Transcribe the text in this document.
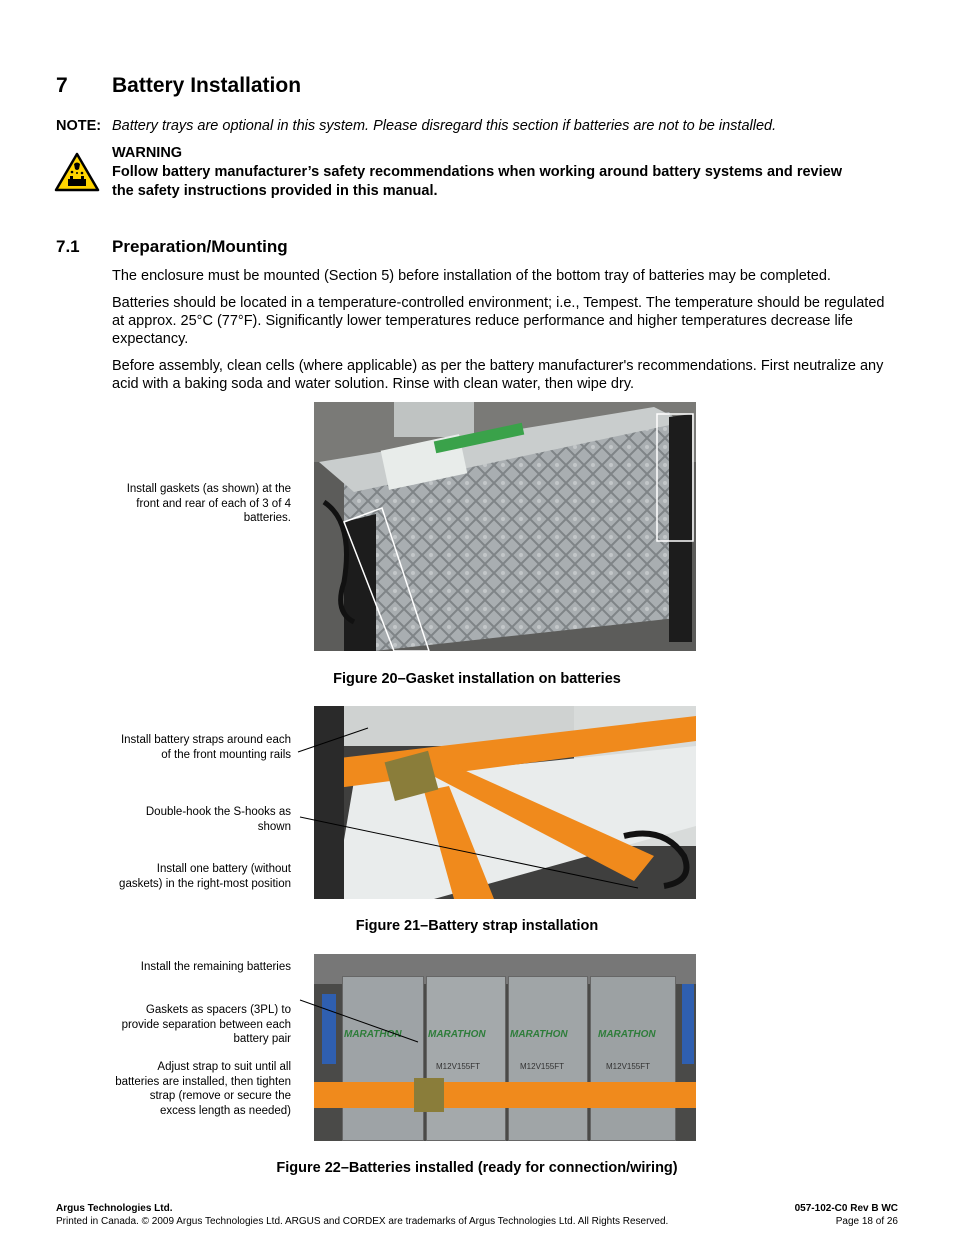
7 Battery Installation
NOTE: Battery trays are optional in this system. Please disregard this section if batteries are not to be installed.
WARNING
Follow battery manufacturer’s safety recommendations when working around battery systems and review the safety instructions provided in this manual.
7.1 Preparation/Mounting
The enclosure must be mounted (Section 5) before installation of the bottom tray of batteries may be completed.
Batteries should be located in a temperature-controlled environment; i.e., Tempest. The temperature should be regulated at approx. 25°C (77°F). Significantly lower temperatures reduce performance and higher temperatures decrease life expectancy.
Before assembly, clean cells (where applicable) as per the battery manufacturer's recommendations. First neutralize any acid with a baking soda and water solution. Rinse with clean water, then wipe dry.
Install gaskets (as shown) at the front and rear of each of 3 of 4 batteries.
Figure 20–Gasket installation on batteries
Install battery straps around each of the front mounting rails
Double-hook the S-hooks as shown
Install one battery (without gaskets) in the right-most position
Figure 21–Battery strap installation
Install the remaining batteries
Gaskets as spacers (3PL) to provide separation between each battery pair
Adjust strap to suit until all batteries are installed, then tighten strap (remove or secure the excess length as needed)
MARATHON	MARATHON MARATHON	MARATHON
M12V155FT	M12V155FT	M12V155FT
Figure 22–Batteries installed (ready for connection/wiring)
Argus Technologies Ltd.
Printed in Canada. © 2009 Argus Technologies Ltd. ARGUS and CORDEX are trademarks of Argus Technologies Ltd. All Rights Reserved.
057-102-C0 Rev B WC
Page 18 of 26
